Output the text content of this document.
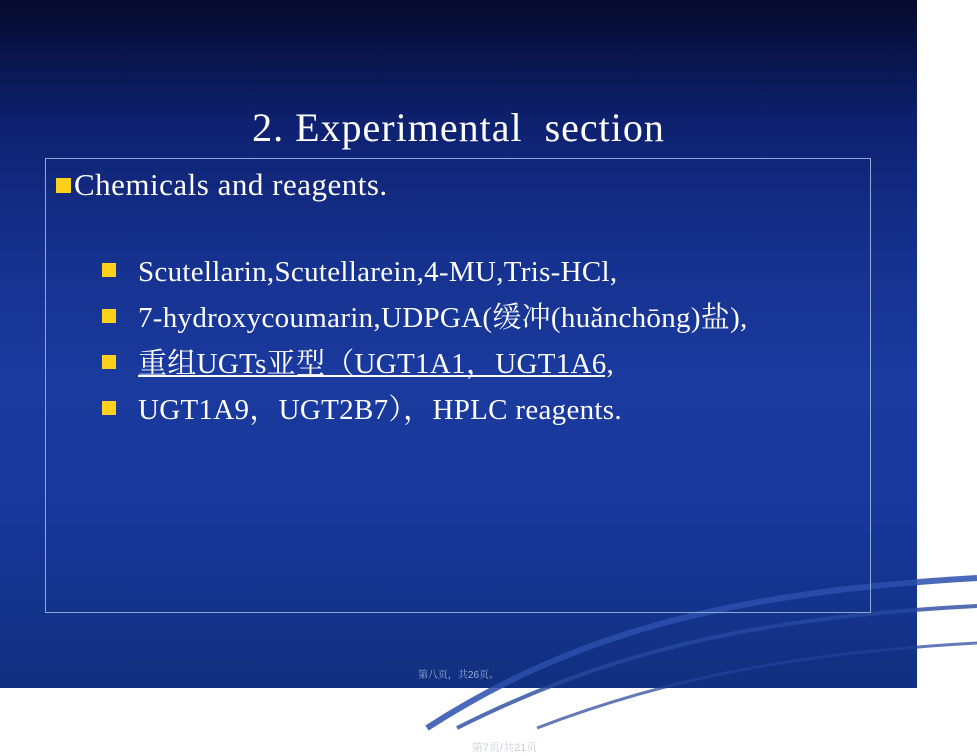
2. Experimental  section
Chemicals and reagents.
Scutellarin,Scutellarein,4-MU,Tris-HCl,
7-hydroxycoumarin,UDPGA(缓冲(huǎnchōng)盐),
重组UGTs亚型（UGT1A1，UGT1A6,
UGT1A9，UGT2B7），HPLC reagents.
第7页/共21页
第八页，共26页。
